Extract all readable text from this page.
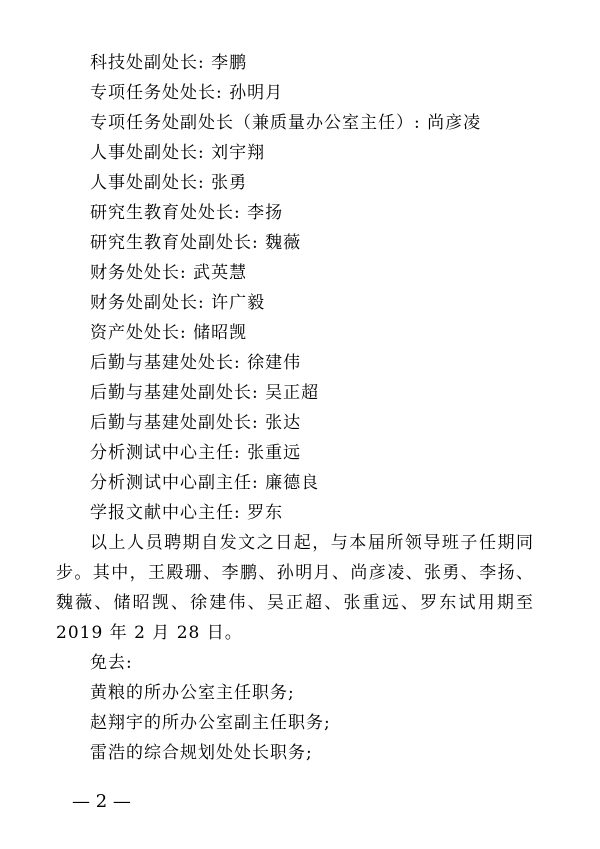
科技处副处长: 李鹏
专项任务处处长: 孙明月
专项任务处副处长（兼质量办公室主任）: 尚彦凌
人事处副处长: 刘宇翔
人事处副处长: 张勇
研究生教育处处长: 李扬
研究生教育处副处长: 魏薇
财务处处长: 武英慧
财务处副处长: 许广毅
资产处处长: 储昭觊
后勤与基建处处长: 徐建伟
后勤与基建处副处长: 吴正超
后勤与基建处副处长: 张达
分析测试中心主任: 张重远
分析测试中心副主任: 廉德良
学报文献中心主任: 罗东
以上人员聘期自发文之日起，与本届所领导班子任期同步。其中，王殿珊、李鹏、孙明月、尚彦凌、张勇、李扬、魏薇、储昭觊、徐建伟、吴正超、张重远、罗东试用期至 2019 年 2 月 28 日。
免去:
黄粮的所办公室主任职务;
赵翔宇的所办公室副主任职务;
雷浩的综合规划处处长职务;
— 2 —
